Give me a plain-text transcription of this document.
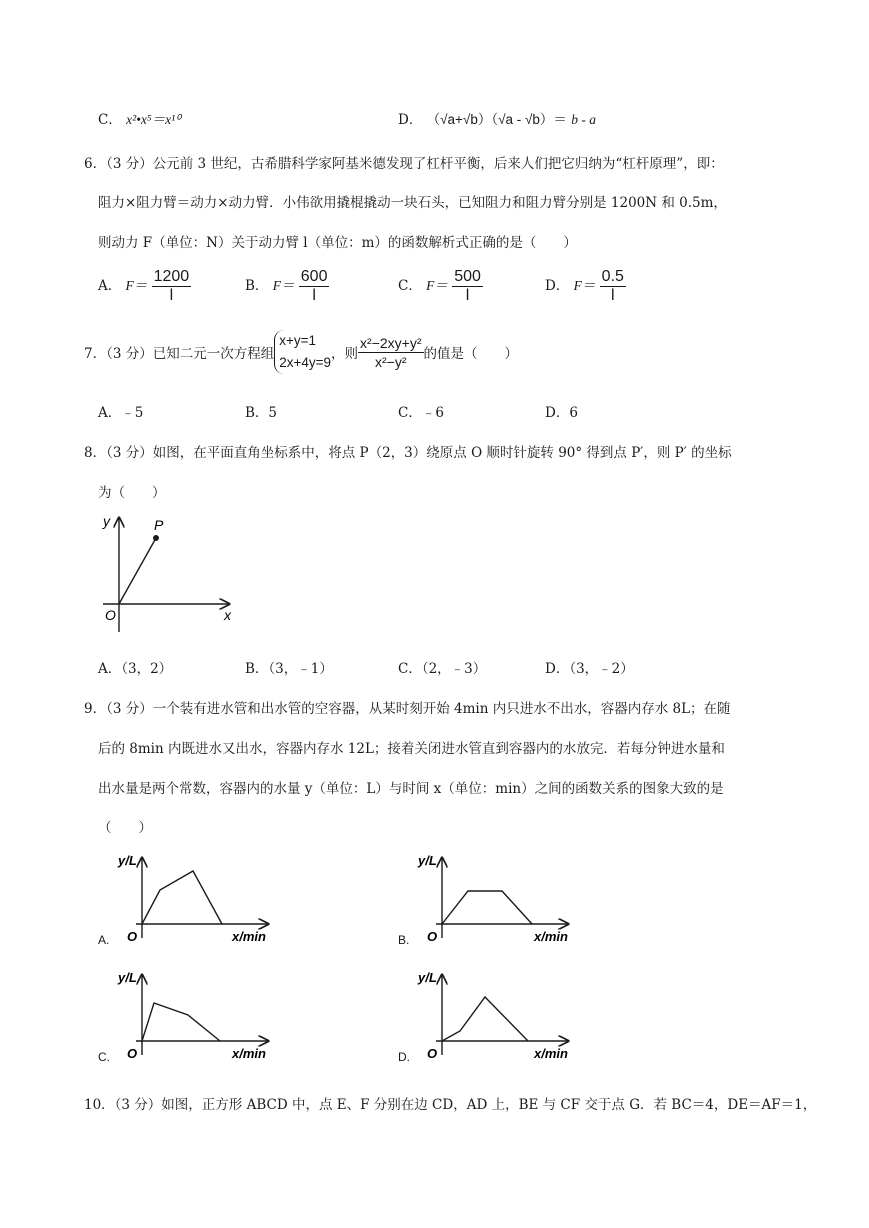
C． x²•x⁵＝x¹⁰	D． （√a+√b）（√a - √b）＝ b - a
6．（3 分）公元前 3 世纪，古希腊科学家阿基米德发现了杠杆平衡，后来人们把它归纳为“杠杆原理”，即：
阻力×阻力臂＝动力×动力臂．小伟欲用撬棍撬动一块石头，已知阻力和阻力臂分别是 1200N 和 0.5m，
则动力 F（单位：N）关于动力臂 l（单位：m）的函数解析式正确的是（　　）
A． $F= \frac{1200}{l}$	B． $F= \frac{600}{l}$	C． $F= \frac{500}{l}$	D． $F= \frac{0.5}{l}$
7．（3 分）已知二元一次方程组
x+y=1
2x+4y=9
，则 $\frac{\text{x²−2xy+y²}}{\text{x²−y²}}$ 的值是（　　）
A．﹣5	B．5	C．﹣6	D．6
8．（3 分）如图，在平面直角坐标系中，将点 P（2，3）绕原点 O 顺时针旋转 90° 得到点 P′，则 P′ 的坐标
为（　　）
y
x
O
P
A．（3，2）	B．（3，﹣1）	C．（2，﹣3）	D．（3，﹣2）
9．（3 分）一个装有进水管和出水管的空容器，从某时刻开始 4min 内只进水不出水，容器内存水 8L；在随
后的 8min 内既进水又出水，容器内存水 12L；接着关闭进水管直到容器内的水放完．若每分钟进水量和
出水量是两个常数，容器内的水量 y（单位：L）与时间 x（单位：min）之间的函数关系的图象大致的是
（　　）
A.
y/L
x/min
O	B.
y/L
x/min
O
C.
y/L
x/min
O	D.
y/L
x/min
O
10．（3 分）如图，正方形 ABCD 中，点 E、F 分别在边 CD，AD 上，BE 与 CF 交于点 G．若 BC＝4，DE＝AF＝1，
